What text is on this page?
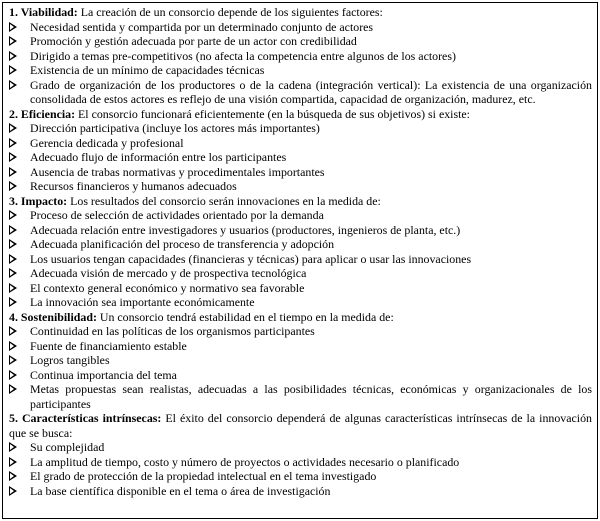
1. Viabilidad: La creación de un consorcio depende de los siguientes factores:

Necesidad sentida y compartida por un determinado conjunto de actores
Promoción y gestión adecuada por parte de un actor con credibilidad
Dirigido a temas pre-competitivos (no afecta la competencia entre algunos de los actores)
Existencia de un mínimo de capacidades técnicas
Grado de organización de los productores o de la cadena (integración vertical): La existencia de una organización consolidada de estos actores es reflejo de una visión compartida, capacidad de organización, madurez, etc.

2. Eficiencia: El consorcio funcionará eficientemente (en la búsqueda de sus objetivos) si existe:

Dirección participativa (incluye los actores más importantes)
Gerencia dedicada y profesional
Adecuado flujo de información entre los participantes
Ausencia de trabas normativas y procedimentales importantes
Recursos financieros y humanos adecuados

3. Impacto: Los resultados del consorcio serán innovaciones en la medida de:

Proceso de selección de actividades orientado por la demanda
Adecuada relación entre investigadores y usuarios (productores, ingenieros de planta, etc.)
Adecuada planificación del proceso de transferencia y adopción
Los usuarios tengan capacidades (financieras y técnicas) para aplicar o usar las innovaciones
Adecuada visión de mercado y de prospectiva tecnológica
El contexto general económico y normativo sea favorable
La innovación sea importante económicamente

4. Sostenibilidad: Un consorcio tendrá estabilidad en el tiempo en la medida de:

Continuidad en las políticas de los organismos participantes
Fuente de financiamiento estable
Logros tangibles
Continua importancia del tema
Metas propuestas sean realistas, adecuadas a las posibilidades técnicas, económicas y organizacionales de los participantes

5. Características intrínsecas: El éxito del consorcio dependerá de algunas características intrínsecas de la innovación que se busca:

Su complejidad
La amplitud de tiempo, costo y número de proyectos o actividades necesario o planificado
El grado de protección de la propiedad intelectual en el tema investigado
La base científica disponible en el tema o área de investigación
